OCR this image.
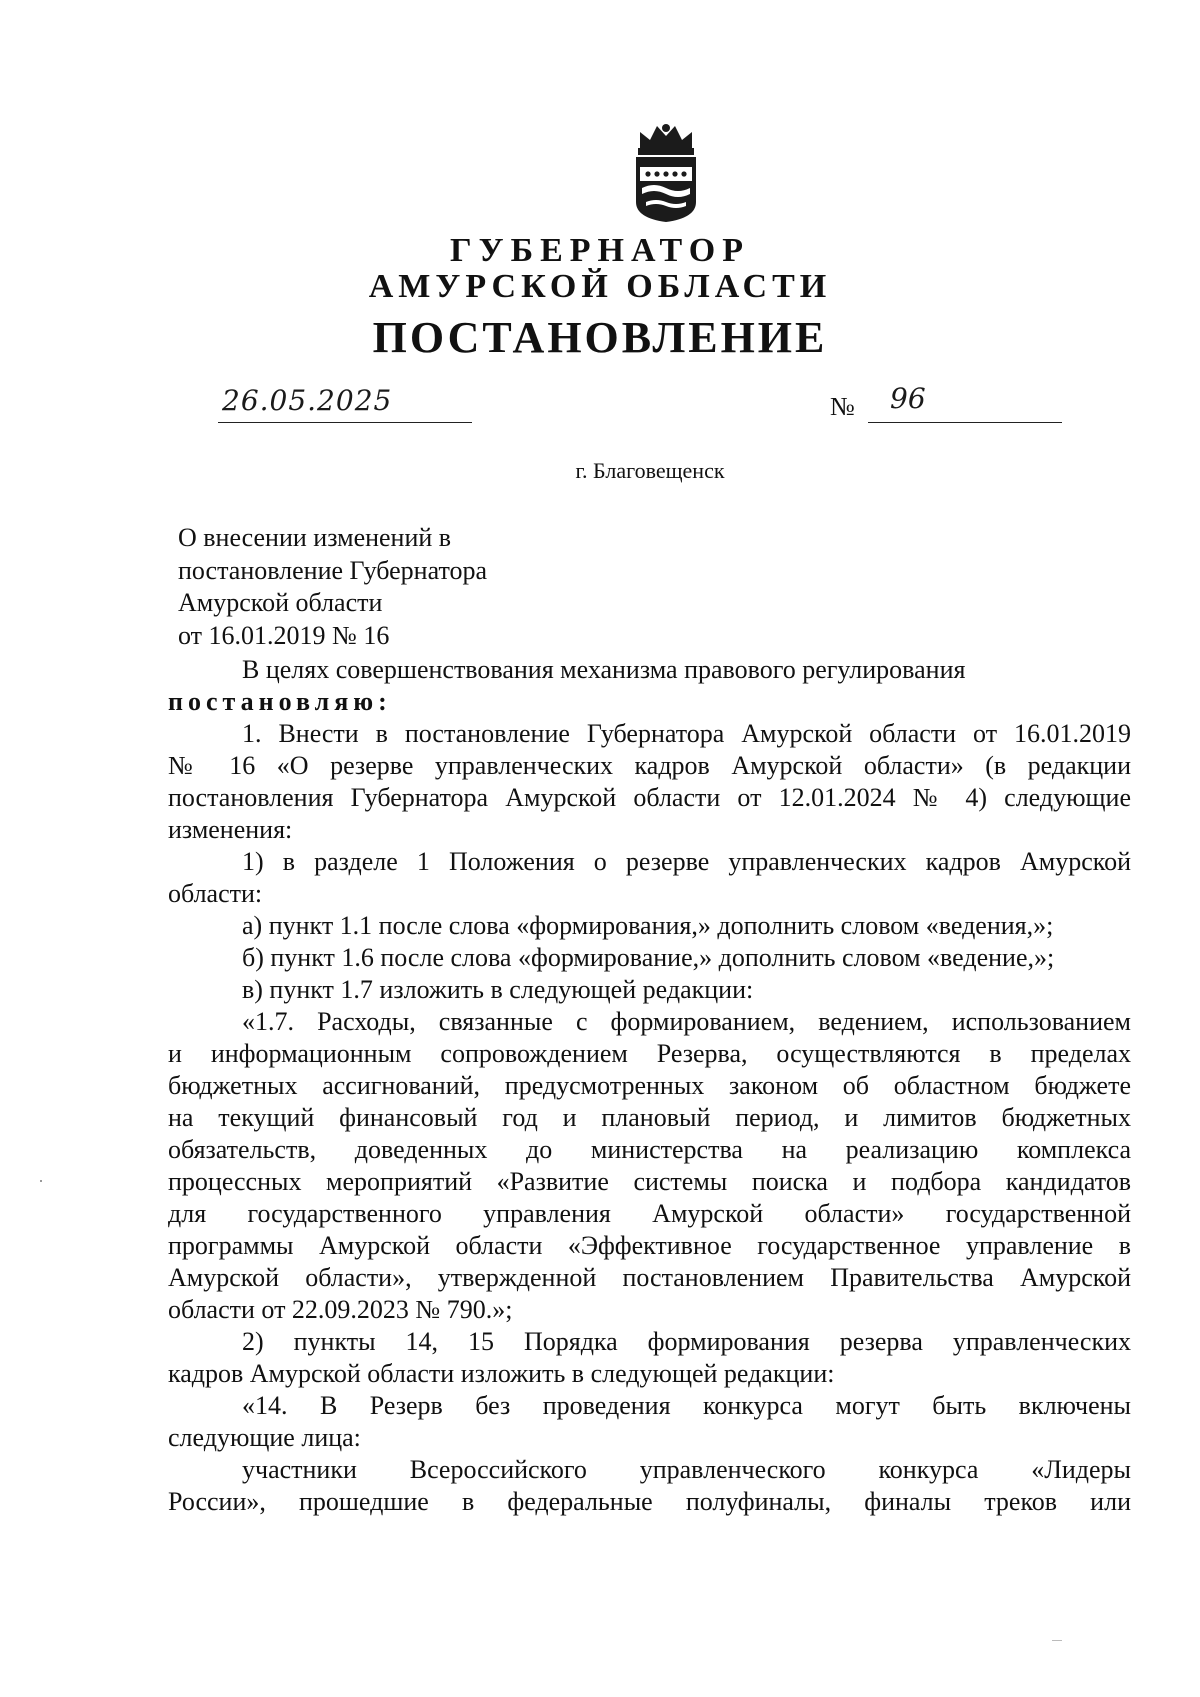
ГУБЕРНАТОР
АМУРСКОЙ ОБЛАСТИ
ПОСТАНОВЛЕНИЕ
26.05.2025	№ 96
г. Благовещенск
О внесении изменений в
постановление Губернатора
Амурской области
от 16.01.2019 № 16
В целях совершенствования механизма правового регулирования
постановляю:
1. Внести в постановление Губернатора Амурской области от 16.01.2019
№ 16 «О резерве управленческих кадров Амурской области» (в редакции
постановления Губернатора Амурской области от 12.01.2024 № 4) следующие
изменения:
1) в разделе 1 Положения о резерве управленческих кадров Амурской
области:
а) пункт 1.1 после слова «формирования,» дополнить словом «ведения,»;
б) пункт 1.6 после слова «формирование,» дополнить словом «ведение,»;
в) пункт 1.7 изложить в следующей редакции:
«1.7. Расходы, связанные с формированием, ведением, использованием
и информационным сопровождением Резерва, осуществляются в пределах
бюджетных ассигнований, предусмотренных законом об областном бюджете
на текущий финансовый год и плановый период, и лимитов бюджетных
обязательств, доведенных до министерства на реализацию комплекса
процессных мероприятий «Развитие системы поиска и подбора кандидатов
для государственного управления Амурской области» государственной
программы Амурской области «Эффективное государственное управление в
Амурской области», утвержденной постановлением Правительства Амурской
области от 22.09.2023 № 790.»;
2) пункты 14, 15 Порядка формирования резерва управленческих
кадров Амурской области изложить в следующей редакции:
«14. В Резерв без проведения конкурса могут быть включены
следующие лица:
участники Всероссийского управленческого конкурса «Лидеры
России», прошедшие в федеральные полуфиналы, финалы треков или
